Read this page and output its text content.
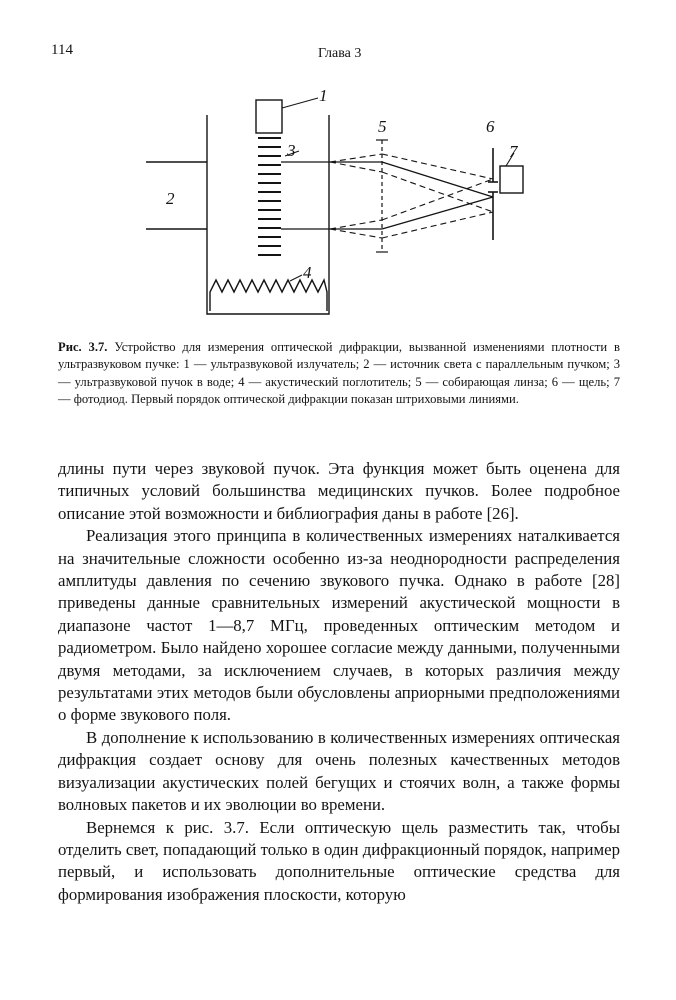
114	Глава 3
1
2
3
4
5	6
7
Рис. 3.7. Устройство для измерения оптической дифракции, вызванной изменениями плотности в ультразвуковом пучке: 1 — ультразвуковой излучатель; 2 — источник света с параллельным пучком; 3 — ультразвуковой пучок в воде; 4 — акустический поглотитель; 5 — собирающая линза; 6 — щель; 7 — фотодиод. Первый порядок оптической дифракции показан штриховыми линиями.

длины пути через звуковой пучок. Эта функция может быть оценена для типичных условий большинства медицинских пучков. Более подробное описание этой возможности и библиография даны в работе [26].

Реализация этого принципа в количественных измерениях наталкивается на значительные сложности особенно из-за неоднородности распределения амплитуды давления по сечению звукового пучка. Однако в работе [28] приведены данные сравнительных измерений акустической мощности в диапазоне частот 1—8,7 МГц, проведенных оптическим методом и радиометром. Было найдено хорошее согласие между данными, полученными двумя методами, за исключением случаев, в которых различия между результатами этих методов были обусловлены априорными предположениями о форме звукового поля.

В дополнение к использованию в количественных измерениях оптическая дифракция создает основу для очень полезных качественных методов визуализации акустических полей бегущих и стоячих волн, а также формы волновых пакетов и их эволюции во времени.

Вернемся к рис. 3.7. Если оптическую щель разместить так, чтобы отделить свет, попадающий только в один дифракционный порядок, например первый, и использовать дополнительные оптические средства для формирования изображения плоскости, которую
